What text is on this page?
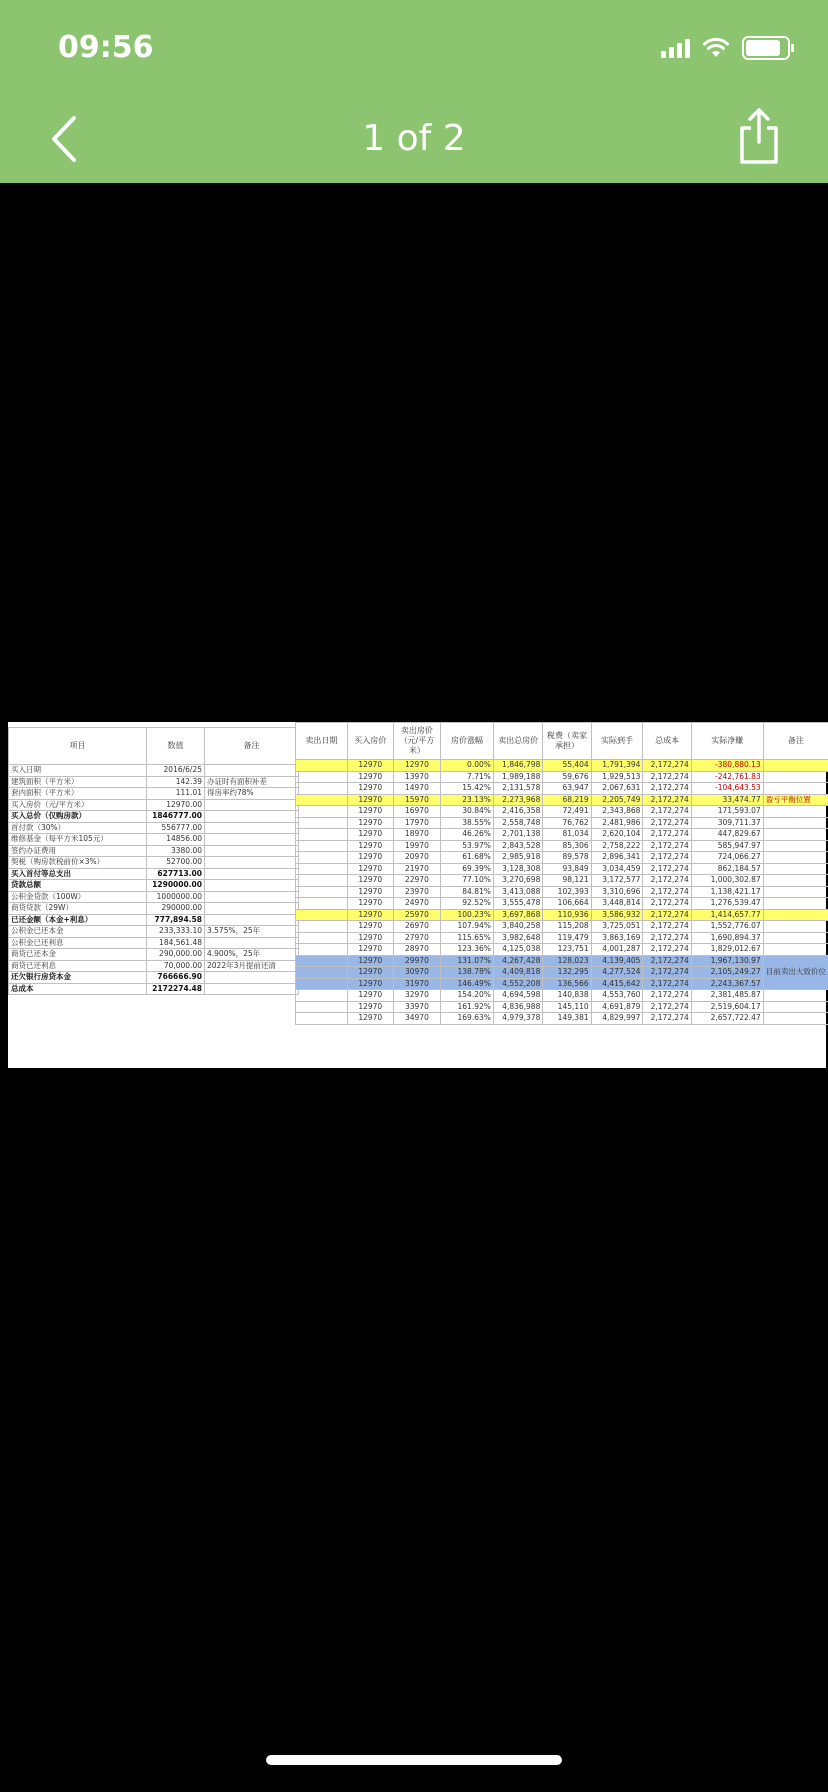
09:56
1 of 2
项目	数值	备注
买入日期	2016/6/25	
建筑面积（平方米）	142.39	办证时有面积补差
套内面积（平方米）	111.01	得房率约78%
买入房价（元/平方米）	12970.00	
买入总价（仅购房款）	1846777.00	
首付款（30%）	556777.00	
维修基金（每平方米105元）	14856.00	
签约办证费用	3380.00	
契税（购房款税前价×3%）	52700.00	
买入首付等总支出	627713.00	
贷款总额	1290000.00	
公积金贷款（100W）	1000000.00	
商贷贷款（29W）	290000.00	
已还金额（本金+利息）	777,894.58	
公积金已还本金	233,333.10	3.575%，25年
公积金已还利息	184,561.48	
商贷已还本金	290,000.00	4.900%，25年
商贷已还利息	70,000.00	2022年3月提前还清
还欠银行房贷本金	766666.90	
总成本	2172274.48	
卖出日期	买入房价	卖出房价（元/平方米）	房价涨幅	卖出总房价	税费（卖家承担）	实际到手	总成本	实际净赚	备注
	12970	12970	0.00%	1,846,798	55,404	1,791,394	2,172,274	-380,880.13	
	12970	13970	7.71%	1,989,188	59,676	1,929,513	2,172,274	-242,761.83	
	12970	14970	15.42%	2,131,578	63,947	2,067,631	2,172,274	-104,643.53	
	12970	15970	23.13%	2,273,968	68,219	2,205,749	2,172,274	33,474.77	盈亏平衡位置
	12970	16970	30.84%	2,416,358	72,491	2,343,868	2,172,274	171,593.07	
	12970	17970	38.55%	2,558,748	76,762	2,481,986	2,172,274	309,711.37	
	12970	18970	46.26%	2,701,138	81,034	2,620,104	2,172,274	447,829.67	
	12970	19970	53.97%	2,843,528	85,306	2,758,222	2,172,274	585,947.97	
	12970	20970	61.68%	2,985,918	89,578	2,896,341	2,172,274	724,066.27	
	12970	21970	69.39%	3,128,308	93,849	3,034,459	2,172,274	862,184.57	
	12970	22970	77.10%	3,270,698	98,121	3,172,577	2,172,274	1,000,302.87	
	12970	23970	84.81%	3,413,088	102,393	3,310,696	2,172,274	1,138,421.17	
	12970	24970	92.52%	3,555,478	106,664	3,448,814	2,172,274	1,276,539.47	
	12970	25970	100.23%	3,697,868	110,936	3,586,932	2,172,274	1,414,657.77	
	12970	26970	107.94%	3,840,258	115,208	3,725,051	2,172,274	1,552,776.07	
	12970	27970	115.65%	3,982,648	119,479	3,863,169	2,172,274	1,690,894.37	
	12970	28970	123.36%	4,125,038	123,751	4,001,287	2,172,274	1,829,012.67	
	12970	29970	131.07%	4,267,428	128,023	4,139,405	2,172,274	1,967,130.97	目前卖出大致价位
	12970	30970	138.78%	4,409,818	132,295	4,277,524	2,172,274	2,105,249.27	
	12970	31970	146.49%	4,552,208	136,566	4,415,642	2,172,274	2,243,367.57	
	12970	32970	154.20%	4,694,598	140,838	4,553,760	2,172,274	2,381,485.87	
	12970	33970	161.92%	4,836,988	145,110	4,691,879	2,172,274	2,519,604.17	
	12970	34970	169.63%	4,979,378	149,381	4,829,997	2,172,274	2,657,722.47	
